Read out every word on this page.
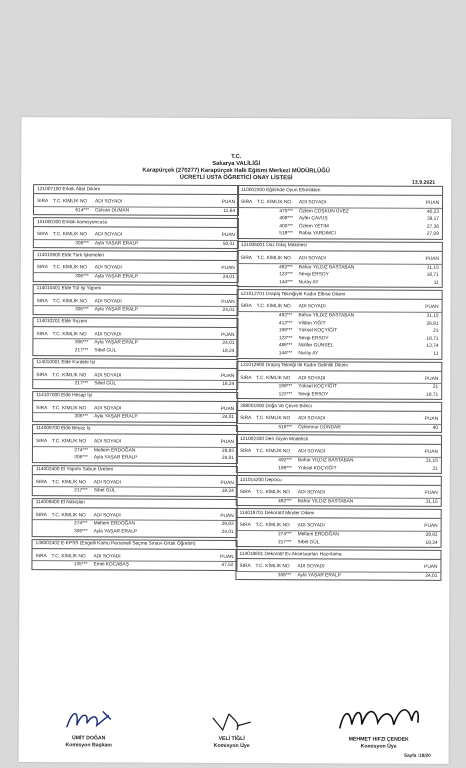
T.C.
Sakarya VALİLİĞİ
Karapürçek (270277) Karapürçek Halk Eğitimi Merkezi MÜDÜRLÜĞÜ
ÜCRETLİ USTA ÖĞRETİCİ ONAY LİSTESİ
13.9.2021
121007100 Erkek Atlet Dikimi
SIRA T.C. KİMLİK NO	ADI SOYADI	PUAN
614***	Gülcan DUMAN	11,64
151000300 Emlak komisyoncusu
SIRA T.C. KİMLİK NO	ADI SOYADI	PUAN
306***	Ayla YAŞAR ERALP	50,01
114010600 Elde Türk İşlemeleri
SIRA T.C. KİMLİK NO	ADI SOYADI	PUAN
306***	Ayla YAŞAR ERALP	24,01
114010401 Elde Tül İşi Yapımı
SIRA T.C. KİMLİK NO	ADI SOYADI	PUAN
306***	Ayla YAŞAR ERALP	24,01
114010201 Elde Suzeni
SIRA T.C. KİMLİK NO	ADI SOYADI	PUAN
306***	Ayla YAŞAR ERALP	24,01
217***	Sibel GÜL	18,24
114010001 Elde Kurdele İşi
SIRA T.C. KİMLİK NO	ADI SOYADI	PUAN
217***	Sibel GÜL	18,24
114107000 Elde Hesap İşi
SIRA T.C. KİMLİK NO	ADI SOYADI	PUAN
306***	Ayla YAŞAR ERALP	24,01
114009700 Elde Beyaz İş
SIRA T.C. KİMLİK NO	ADI SOYADI	PUAN
274***	Meltem ERDOĞAN	29,83
306***	Ayla YAŞAR ERALP	24,01
114002400 El Yapımı Sabun Üretimi
SIRA T.C. KİMLİK NO	ADI SOYADI	PUAN
217***	Sibel GÜL	18,24
114009400 El Nakışları
SIRA T.C. KİMLİK NO	ADI SOYADI	PUAN
274***	Meltem ERDOĞAN	29,83
306***	Ayla YAŞAR ERALP	24,01
136002402 E-KPSS (Engelli Kamu Personeli Seçme Sınavı-Ortak Öğretim)
SIRA T.C. KİMLİK NO	ADI SOYADI	PUAN
135***	Emel KOCABAŞ	47,52
110002300 Eğitimde Oyun Etkinlikleri
SIRA T.C. KİMLİK NO	ADI SOYADI	PUAN
475***	Özlem COŞKUN ÜVEZ	40,23
408***	Ayfer ÇAVUŞ	38,17
405***	Özlem YETİM	27,36
518***	Rabia YARDIMCI	27,09
121006001 Düz Dikiş Makinesi
SIRA T.C. KİMLİK NO	ADI SOYADI	PUAN
492***	Bahar YILDIZ BASTABAN	31,15
123***	Sevgi ERSOY	18,71
144***	Nuray AY	11
121012701 Drapaj Tekniğiyle Kadın Elbise Dikimi
SIRA T.C. KİMLİK NO	ADI SOYADI	PUAN
492***	Bahar YILDIZ BASTABAN	31,15
412***	Vildan YİĞİT	26,81
199***	Yüksel KOÇYİĞİT	21
123***	Sevgi ERSOY	18,71
486***	Nülifer GÜNSEL	13,74
144***	Nuray AY	11
121012900 Drapaj Tekniği İle Kadın Gelinlik Dikimi
SIRA T.C. KİMLİK NO	ADI SOYADI	PUAN
199***	Yüksel KOÇYİĞİT	21
123***	Sevgi ERSOY	18,71
388001900 Doğa Ve Çevre Bilinci
SIRA T.C. KİMLİK NO	ADI SOYADI	PUAN
516***	Özlemnur DÜNDAR	40
121002300 Deri Giyim Modelisti
SIRA T.C. KİMLİK NO	ADI SOYADI	PUAN
492***	Bahar YILDIZ BASTABAN	31,15
199***	Yüksel KOÇYİĞİT	21
121014200 Depocu
SIRA T.C. KİMLİK NO	ADI SOYADI	PUAN
492***	Bahar YILDIZ BASTABAN	31,15
114018701 Dekoratif Minder Dikimi
SIRA T.C. KİMLİK NO	ADI SOYADI	PUAN
274***	Meltem ERDOĞAN	29,83
217***	Sibel GÜL	18,24
114018601 Dekoratif Ev Aksesuarları Hazırlama
SIRA T.C. KİMLİK NO	ADI SOYADI	PUAN
306***	Ayla YAŞAR ERALP	24,01
ÜMİT DOĞAN
Komisyon Başkanı
VELİ TİĞLİ
Komisyon Üye
MEHMET HIFZI ÇENDEK
Komisyon Üye
Sayfa :18/20
